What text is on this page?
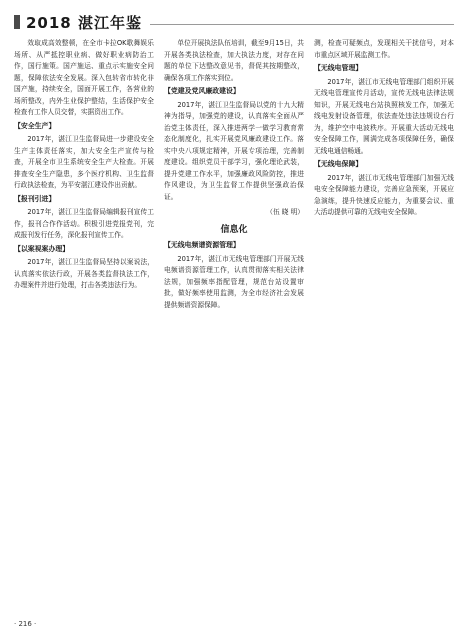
2018 湛江年鉴

效取成高效整顿，在全市卡拉OK歌舞娱乐场所、从严抵控职业病、做好职业病防治工作，国行施策。国产施运、重点示实施安全问题，保障依法安全发展。深入包转省市转化非国产施，持续安全，国面开展工作，各营业的场所整改，内外生业保护整结，生活保护安全检查有工作人员交替，实据资出工作。

【安全生产】

2017年，湛江卫生监督局进一步建设安全生产主体责任落实，加大安全生产宣传与检查，开展全市卫生系统安全生产大检查。开展排查安全生产隐患，多个医疗机构、卫生监督行政执法检查，为平安湛江建设作出贡献。

【报刊引进】

2017年，湛江卫生监督局编辑报刊宣传工作，报刊合作作活动。积极引进党报党刊，完成报刊发行任务，深化报刊宣传工作。

【以案视案办理】

2017年，湛江卫生监督局坚持以案说法，认真落实依法行政，开展各类监督执法工作，办理案件并进行处理，打击各类违法行为。

单位开展执法队伍培训，截至9月15日，共开展各类执法检查，加大执法力度，对存在问题的单位下达整改意见书，督促其按期整改，确保各项工作落实到位。

【党建及党风廉政建设】

2017年，湛江卫生监督局以党的十九大精神为指导，加强党的建设，认真落实全面从严治党主体责任，深入推进两学一做学习教育常态化制度化，扎实开展党风廉政建设工作。落实中央八项规定精神，开展专项治理，完善制度建设。组织党员干部学习，强化理论武装，提升党建工作水平，加强廉政风险防控，推进作风建设，为卫生监督工作提供坚强政治保证。

（伍 晓 明）
信息化
【无线电频谱资源管理】

2017年，湛江市无线电管理部门开展无线电频谱资源管理工作，认真贯彻落实相关法律法规，加强频率指配管理，规范台站设置审批，做好频率使用监测，为全市经济社会发展提供频谱资源保障。

测，检查可疑频点，发现相关干扰信号，对本市重点区域开展监测工作。

【无线电管理】

2017年，湛江市无线电管理部门组织开展无线电管理宣传月活动，宣传无线电法律法规知识，开展无线电台站执照核发工作，加强无线电发射设备管理，依法查处违法违规设台行为，维护空中电波秩序。开展重大活动无线电安全保障工作，圆满完成各项保障任务，确保无线电通信畅通。

【无线电保障】

2017年，湛江市无线电管理部门加强无线电安全保障能力建设，完善应急预案，开展应急演练，提升快速反应能力，为重要会议、重大活动提供可靠的无线电安全保障。

· 216 ·
